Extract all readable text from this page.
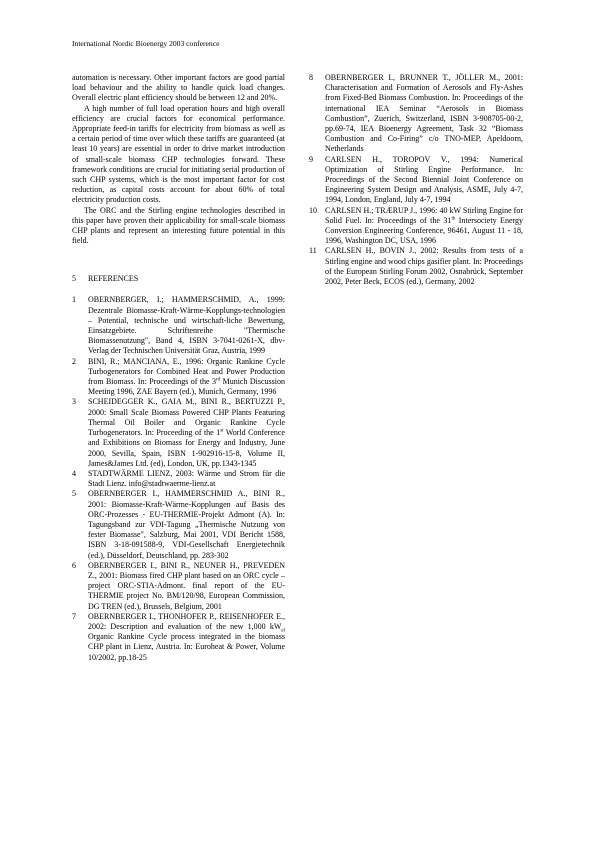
International Nordic Bioenergy 2003 conference

automation is necessary. Other important factors are good partial load behaviour and the ability to handle quick load changes. Overall electric plant efficiency should be between 12 and 20%.

A high number of full load operation hours and high overall efficiency are crucial factors for economical performance. Appropriate feed-in tariffs for electricity from biomass as well as a certain period of time over which these tariffs are guaranteed (at least 10 years) are essential in order to drive market introduction of small-scale biomass CHP technologies forward. These framework conditions are crucial for initiating serial production of such CHP systems, which is the most important factor for cost reduction, as capital costs account for about 60% of total electricity production costs.

The ORC and the Stirling engine technologies described in this paper have proven their applicability for small-scale biomass CHP plants and represent an interesting future potential in this field.

5 REFERENCES

1 OBERNBERGER, I.; HAMMERSCHMID, A., 1999: Dezentrale Biomasse-Kraft-Wärme-Kopplungs-technologien – Potential, technische und wirtschaft-liche Bewertung, Einsatzgebiete. Schriftenreihe "Thermische Biomassenutzung", Band 4, ISBN 3-7041-0261-X, dbv-Verlag der Technischen Universität Graz, Austria, 1999

2 BINI, R.; MANCIANA, E., 1996: Organic Rankine Cycle Turbogenerators for Combined Heat and Power Production from Biomass. In: Proceedings of the 3rd Munich Discussion Meeting 1996, ZAE Bayern (ed.), Munich, Germany, 1996

3 SCHEIDEGGER K., GAIA M., BINI R., BERTUZZI P., 2000: Small Scale Biomass Powered CHP Plants Featuring Thermal Oil Boiler and Organic Rankine Cycle Turbogenerators. In: Proceeding of the 1st World Conference and Exhibitions on Biomass for Energy and Industry, June 2000, Sevilla, Spain, ISBN 1-902916-15-8, Volume II, James&James Ltd. (ed), London, UK, pp.1343-1345

4 STADTWÄRME LIENZ, 2003: Wärme und Strom für die Stadt Lienz. info@stadtwaerme-lienz.at

5 OBERNBERGER I., HAMMERSCHMID A., BINI R., 2001: Biomasse-Kraft-Wärme-Kopplungen auf Basis des ORC-Prozesses - EU-THERMIE-Projekt Admont (A). In: Tagungsband zur VDI-Tagung „Thermische Nutzung von fester Biomasse", Salzburg, Mai 2001, VDI Bericht 1588, ISBN 3-18-091588-9, VDI-Gesellschaft Energietechnik (ed.), Düsseldorf, Deutschland, pp. 283-302

6 OBERNBERGER I., BINI R., NEUNER H., PREVEDEN Z., 2001: Biomass fired CHP plant based on an ORC cycle – project ORC-STIA-Admont. final report of the EU-THERMIE project No. BM/120/98, European Commission, DG TREN (ed.), Brussels, Belgium, 2001

7 OBERNBERGER I., THONHOFER P., REISENHOFER E., 2002: Description and evaluation of the new 1,000 $kW_{el}$ Organic Rankine Cycle process integrated in the biomass CHP plant in Lienz, Austria. In: Euroheat & Power, Volume 10/2002, pp.18-25

8 OBERNBERGER I., BRUNNER T., JÖLLER M., 2001: Characterisation and Formation of Aerosols and Fly-Ashes from Fixed-Bed Biomass Combustion. In: Proceedings of the international IEA Seminar “Aerosols in Biomass Combustion”, Zuerich, Switzerland, ISBN 3-908705-00-2, pp.69-74, IEA Bioenergy Agreement, Task 32 “Biomass Combustion and Co-Firing” c/o TNO-MEP, Apeldoorn, Netherlands

9 CARLSEN H., TOROPOV V., 1994: Numerical Optimization of Stirling Engine Performance. In: Proceedings of the Second Biennial Joint Conference on Engineering System Design and Analysis, ASME, July 4-7, 1994, London, England, July 4-7, 1994

10 CARLSEN H.; TRÆRUP J., 1996: 40 kW Stirling Engine for Solid Fuel. In: Proceedings of the 31th Intersociety Energy Conversion Engineering Conference, 96461, August 11 - 18, 1996, Washington DC, USA, 1996

11 CARLSEN H., BOVIN J., 2002: Results from tests of a Stirling engine and wood chips gasifier plant. In: Proceedings of the European Stirling Forum 2002, Osnabrück, September 2002, Peter Beck, ECOS (ed.), Germany, 2002
